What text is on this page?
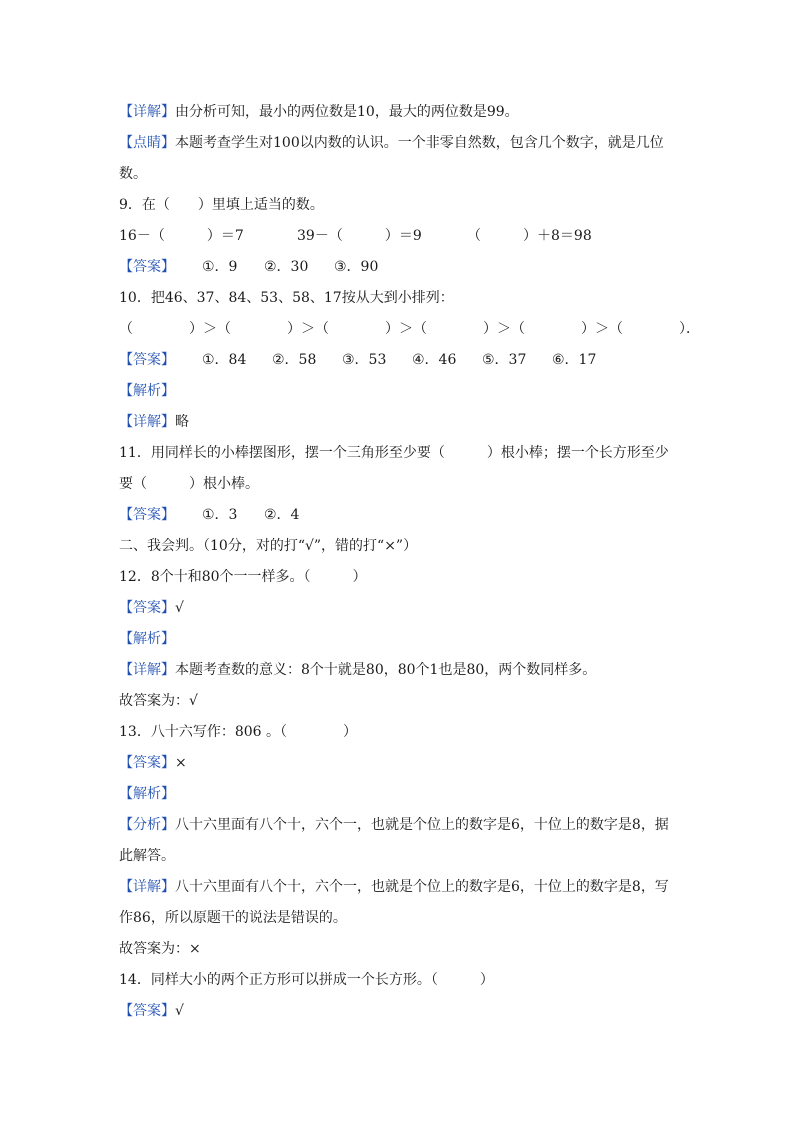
【详解】由分析可知，最小的两位数是10，最大的两位数是99。
【点睛】本题考查学生对100以内数的认识。一个非零自然数，包含几个数字，就是几位
数。
9．在（　　）里填上适当的数。
16－（　　　）＝7	39－（　　　）＝9	（　　　）＋8＝98
【答案】 ①．9 ②．30 ③．90
10．把46、37、84、53、58、17按从大到小排列：
（　　　　）＞（　　　　）＞（　　　　）＞（　　　　）＞（　　　　）＞（　　　　）．
【答案】 ①．84 ②．58 ③．53 ④．46 ⑤．37 ⑥．17
【解析】
【详解】略
11．用同样长的小棒摆图形，摆一个三角形至少要（　　　）根小棒；摆一个长方形至少
要（　　　）根小棒。
【答案】 ①．3 ②．4
二、我会判。（10分，对的打“√”，错的打“×”）
12．8个十和80个一一样多。（　　　）
【答案】√
【解析】
【详解】本题考查数的意义：8个十就是80，80个1也是80，两个数同样多。
故答案为：√
13．八十六写作：806 。（　　　　）
【答案】×
【解析】
【分析】八十六里面有八个十，六个一，也就是个位上的数字是6，十位上的数字是8，据
此解答。
【详解】八十六里面有八个十，六个一，也就是个位上的数字是6，十位上的数字是8，写
作86，所以原题干的说法是错误的。
故答案为：×
14．同样大小的两个正方形可以拼成一个长方形。（　　　）
【答案】√
